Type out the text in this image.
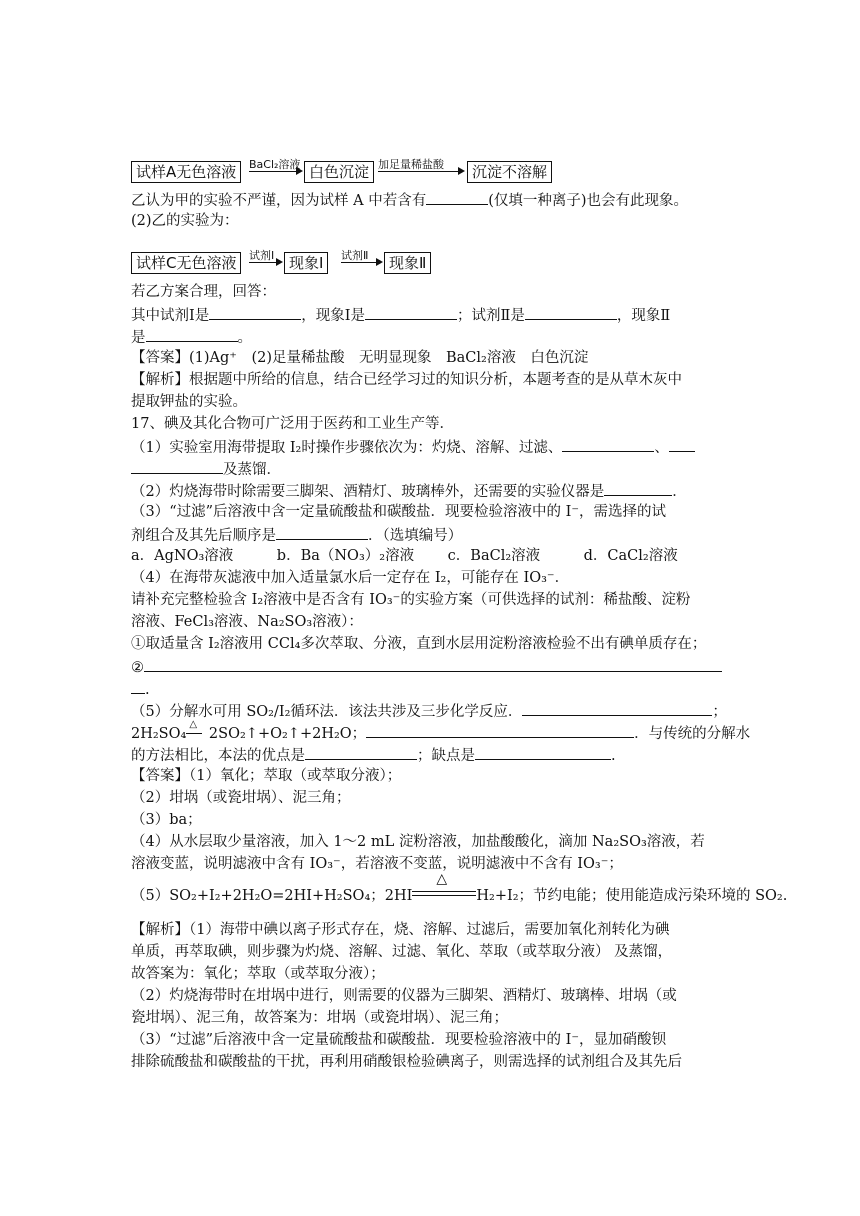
试样A无色溶液	BaCl₂溶液 白色沉淀 加足量稀盐酸	沉淀不溶解
乙认为甲的实验不严谨，因为试样 A 中若含有	(仅填一种离子)也会有此现象。
(2)乙的实验为：
试样C无色溶液	试剂Ⅰ 现象Ⅰ	试剂Ⅱ	现象Ⅱ
若乙方案合理，回答：
其中试剂Ⅰ是	，现象Ⅰ是	；试剂Ⅱ是	，现象Ⅱ
是	。
【答案】(1)Ag⁺　(2)足量稀盐酸　无明显现象　BaCl₂溶液　白色沉淀
【解析】根据题中所给的信息，结合已经学习过的知识分析，本题考查的是从草木灰中
提取钾盐的实验。
17、碘及其化合物可广泛用于医药和工业生产等．
（1）实验室用海带提取 I₂时操作步骤依次为：灼烧、溶解、过滤、	、
及蒸馏．
（2）灼烧海带时除需要三脚架、酒精灯、玻璃棒外，还需要的实验仪器是	．
（3）“过滤”后溶液中含一定量硫酸盐和碳酸盐．现要检验溶液中的 I⁻，需选择的试
剂组合及其先后顺序是	．（选填编号）
a．AgNO₃溶液　　　b．Ba（NO₃）₂溶液　　 c．BaCl₂溶液　　　d．CaCl₂溶液
（4）在海带灰滤液中加入适量氯水后一定存在 I₂，可能存在 IO₃⁻．
请补充完整检验含 I₂溶液中是否含有 IO₃⁻的实验方案（可供选择的试剂：稀盐酸、淀粉
溶液、FeCl₃溶液、Na₂SO₃溶液）：
①取适量含 I₂溶液用 CCl₄多次萃取、分液，直到水层用淀粉溶液检验不出有碘单质存在；
②
.
（5）分解水可用 SO₂/I₂循环法．该法共涉及三步化学反应．	；
2H₂SO₄
△
2SO₂↑+O₂↑+2H₂O；	．与传统的分解水
的方法相比，本法的优点是	；缺点是	.
【答案】（1）氧化；萃取（或萃取分液）；
（2）坩埚（或瓷坩埚）、泥三角；
（3）ba；
（4）从水层取少量溶液，加入 1～2 mL 淀粉溶液，加盐酸酸化，滴加 Na₂SO₃溶液，若
溶液变蓝，说明滤液中含有 IO₃⁻，若溶液不变蓝，说明滤液中不含有 IO₃⁻；
（5）SO₂+I₂+2H₂O=2HI+H₂SO₄；2HI
△
H₂+I₂；节约电能；使用能造成污染环境的 SO₂.
【解析】（1）海带中碘以离子形式存在，烧、溶解、过滤后，需要加氧化剂转化为碘
单质，再萃取碘，则步骤为灼烧、溶解、过滤、氧化、萃取（或萃取分液） 及蒸馏，
故答案为：氧化；萃取（或萃取分液）；
（2）灼烧海带时在坩埚中进行，则需要的仪器为三脚架、酒精灯、玻璃棒、坩埚（或
瓷坩埚）、泥三角，故答案为：坩埚（或瓷坩埚）、泥三角；
（3）“过滤”后溶液中含一定量硫酸盐和碳酸盐．现要检验溶液中的 I⁻，显加硝酸钡
排除硫酸盐和碳酸盐的干扰，再利用硝酸银检验碘离子，则需选择的试剂组合及其先后
